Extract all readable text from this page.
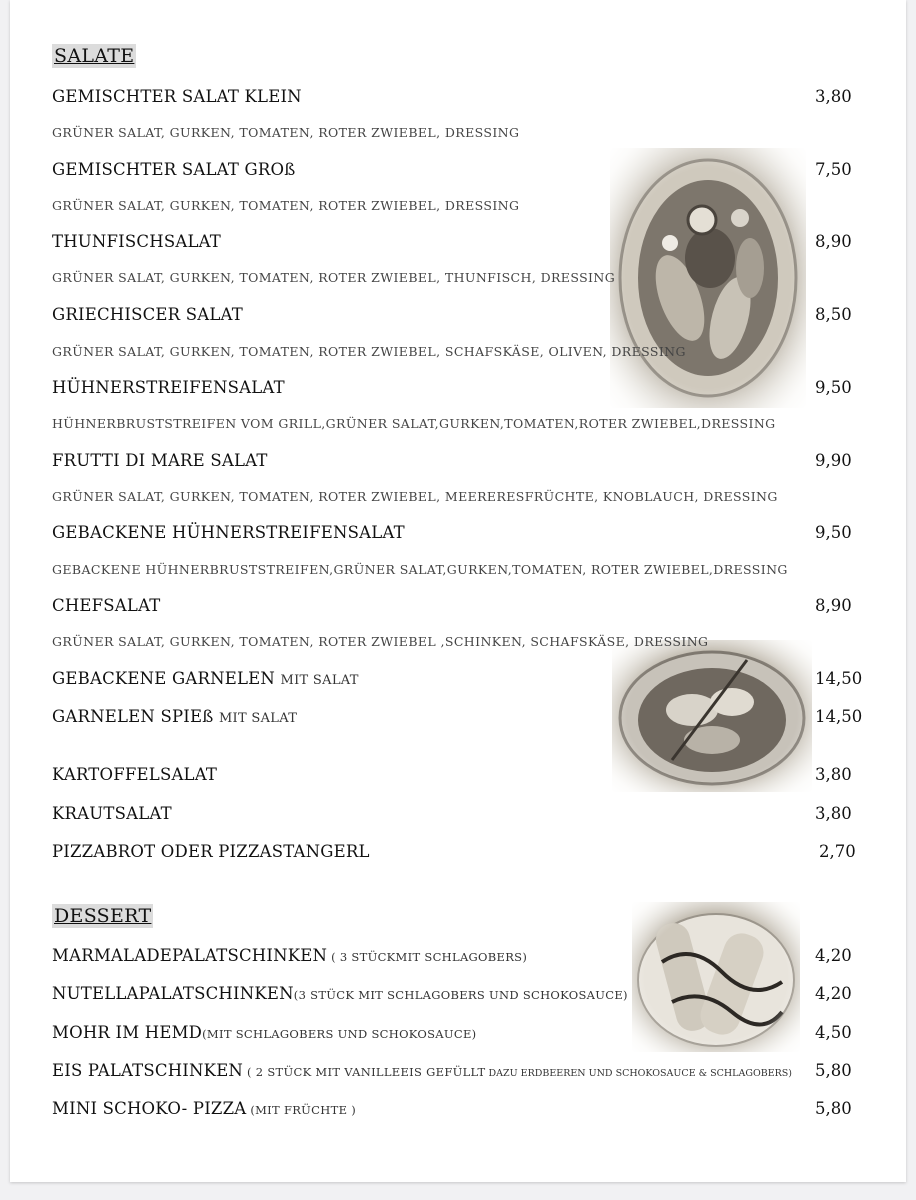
SALATE
GEMISCHTER SALAT KLEIN	3,80
GRÜNER SALAT, GURKEN, TOMATEN, ROTER ZWIEBEL, DRESSING
GEMISCHTER SALAT GROß	7,50
GRÜNER SALAT, GURKEN, TOMATEN, ROTER ZWIEBEL, DRESSING
THUNFISCHSALAT	8,90
GRÜNER SALAT, GURKEN, TOMATEN, ROTER ZWIEBEL, THUNFISCH, DRESSING
GRIECHISCER SALAT	8,50
GRÜNER SALAT, GURKEN, TOMATEN, ROTER ZWIEBEL, SCHAFSKÄSE, OLIVEN, DRESSING
HÜHNERSTREIFENSALAT	9,50
HÜHNERBRUSTSTREIFEN VOM GRILL,GRÜNER SALAT,GURKEN,TOMATEN,ROTER ZWIEBEL,DRESSING
FRUTTI DI MARE SALAT	9,90
GRÜNER SALAT, GURKEN, TOMATEN, ROTER ZWIEBEL, MEERERESFRÜCHTE, KNOBLAUCH, DRESSING
GEBACKENE HÜHNERSTREIFENSALAT	9,50
GEBACKENE HÜHNERBRUSTSTREIFEN,GRÜNER SALAT,GURKEN,TOMATEN, ROTER ZWIEBEL,DRESSING
CHEFSALAT	8,90
GRÜNER SALAT, GURKEN, TOMATEN, ROTER ZWIEBEL ,SCHINKEN, SCHAFSKÄSE, DRESSING
GEBACKENE GARNELEN MIT SALAT	14,50
GARNELEN SPIEß MIT SALAT	14,50
KARTOFFELSALAT	3,80
KRAUTSALAT	3,80
PIZZABROT ODER PIZZASTANGERL	2,70
DESSERT
MARMALADEPALATSCHINKEN ( 3 STÜCKMIT SCHLAGOBERS)	4,20
NUTELLAPALATSCHINKEN(3 STÜCK MIT SCHLAGOBERS UND SCHOKOSAUCE)	4,20
MOHR IM HEMD(MIT SCHLAGOBERS UND SCHOKOSAUCE)	4,50
EIS PALATSCHINKEN ( 2 STÜCK MIT VANILLEEIS GEFÜLLT DAZU ERDBEEREN UND SCHOKOSAUCE & SCHLAGOBERS) 5,80
MINI SCHOKO- PIZZA (MIT FRÜCHTE )	5,80
